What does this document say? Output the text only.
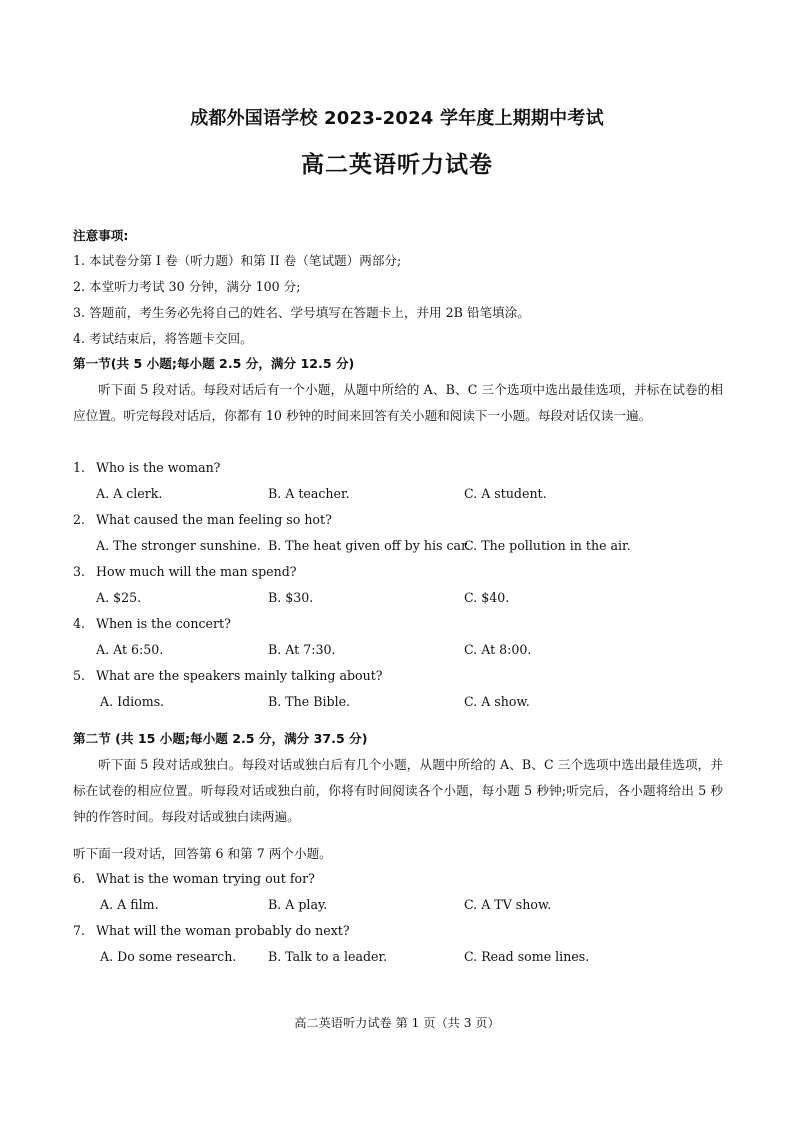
成都外国语学校 2023-2024 学年度上期期中考试
高二英语听力试卷
注意事项:
1. 本试卷分第 I 卷（听力题）和第 II 卷（笔试题）两部分;
2. 本堂听力考试 30 分钟，满分 100 分;
3. 答题前，考生务必先将自己的姓名、学号填写在答题卡上，并用 2B 铅笔填涂。
4. 考试结束后，将答题卡交回。
第一节(共 5 小题;每小题 2.5 分，满分 12.5 分)
听下面 5 段对话。每段对话后有一个小题，从题中所给的 A、B、C 三个选项中选出最佳选项，并标在试卷的相应位置。听完每段对话后，你都有 10 秒钟的时间来回答有关小题和阅读下一小题。每段对话仅读一遍。
1. Who is the woman?
A. A clerk.	B. A teacher.	C. A student.
2. What caused the man feeling so hot?
A. The stronger sunshine. B. The heat given off by his car.
C. The pollution in the air.
3. How much will the man spend?
A. $25.	B. $30.	C. $40.
4. When is the concert?
A. At 6:50.	B. At 7:30.	C. At 8:00.
5. What are the speakers mainly talking about?
A. Idioms.	B. The Bible.	C. A show.
第二节 (共 15 小题;每小题 2.5 分，满分 37.5 分)
听下面 5 段对话或独白。每段对话或独白后有几个小题，从题中所给的 A、B、C 三个选项中选出最佳选项，并标在试卷的相应位置。听每段对话或独白前，你将有时间阅读各个小题，每小题 5 秒钟;听完后，各小题将给出 5 秒钟的作答时间。每段对话或独白读两遍。
听下面一段对话，回答第 6 和第 7 两个小题。
6. What is the woman trying out for?
A. A film.	B. A play.	C. A TV show.
7. What will the woman probably do next?
A. Do some research.	B. Talk to a leader.	C. Read some lines.
高二英语听力试卷 第 1 页（共 3 页）
